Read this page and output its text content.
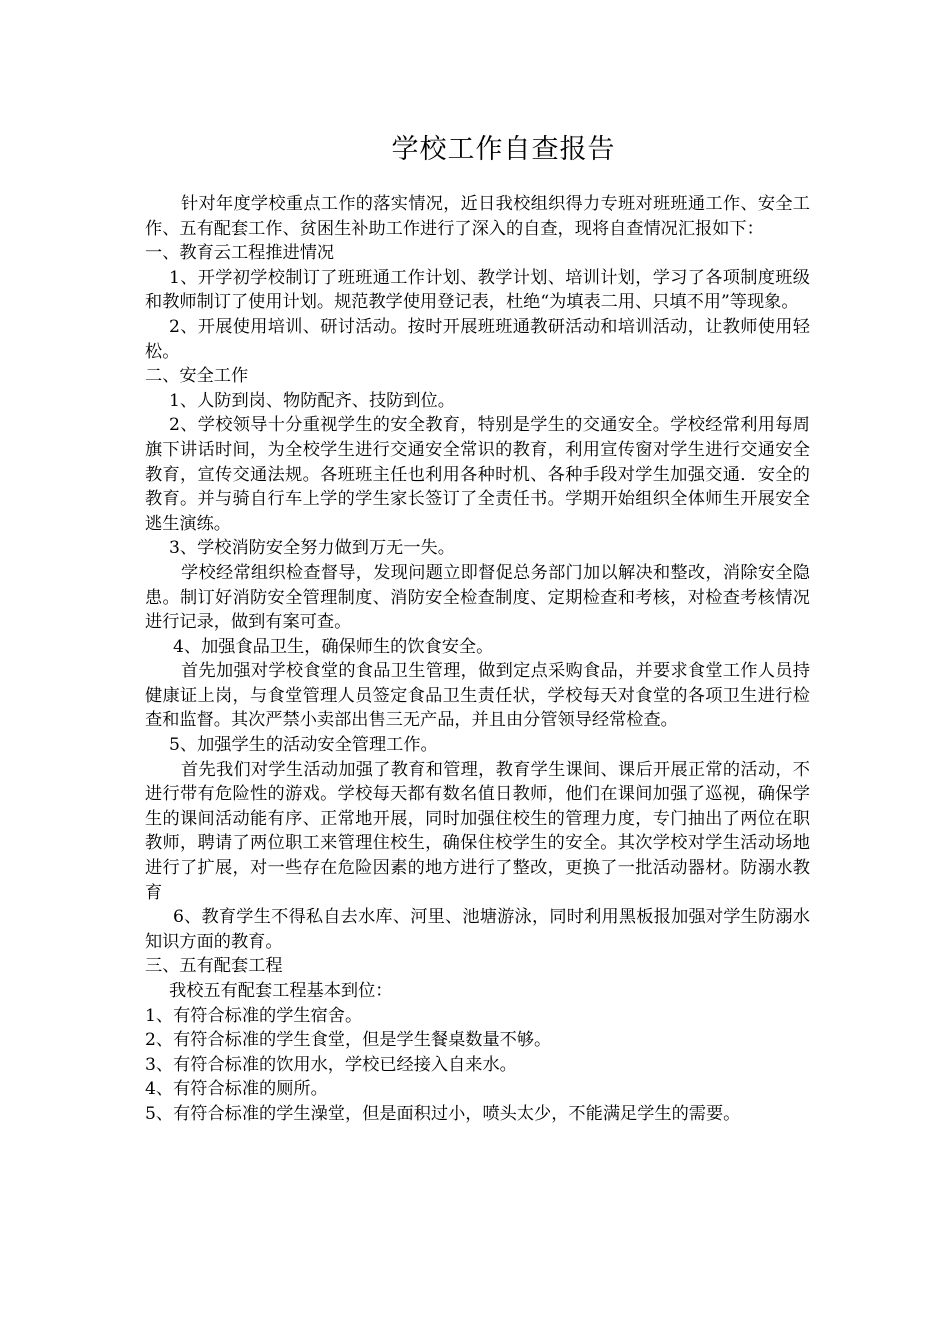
学校工作自查报告

针对年度学校重点工作的落实情况，近日我校组织得力专班对班班通工作、安全工作、五有配套工作、贫困生补助工作进行了深入的自查，现将自查情况汇报如下：

一、教育云工程推进情况

1、开学初学校制订了班班通工作计划、教学计划、培训计划，学习了各项制度班级和教师制订了使用计划。规范教学使用登记表，杜绝“为填表二用、只填不用”等现象。

2、开展使用培训、研讨活动。按时开展班班通教研活动和培训活动，让教师使用轻松。

二、安全工作

1、人防到岗、物防配齐、技防到位。

2、学校领导十分重视学生的安全教育，特别是学生的交通安全。学校经常利用每周旗下讲话时间，为全校学生进行交通安全常识的教育，利用宣传窗对学生进行交通安全教育，宣传交通法规。各班班主任也利用各种时机、各种手段对学生加强交通．安全的教育。并与骑自行车上学的学生家长签订了全责任书。学期开始组织全体师生开展安全逃生演练。

3、学校消防安全努力做到万无一失。

学校经常组织检查督导，发现问题立即督促总务部门加以解决和整改，消除安全隐患。制订好消防安全管理制度、消防安全检查制度、定期检查和考核，对检查考核情况进行记录，做到有案可查。

4、加强食品卫生，确保师生的饮食安全。

首先加强对学校食堂的食品卫生管理，做到定点采购食品，并要求食堂工作人员持健康证上岗，与食堂管理人员签定食品卫生责任状，学校每天对食堂的各项卫生进行检查和监督。其次严禁小卖部出售三无产品，并且由分管领导经常检查。

5、加强学生的活动安全管理工作。

首先我们对学生活动加强了教育和管理，教育学生课间、课后开展正常的活动，不进行带有危险性的游戏。学校每天都有数名值日教师，他们在课间加强了巡视，确保学生的课间活动能有序、正常地开展，同时加强住校生的管理力度，专门抽出了两位在职教师，聘请了两位职工来管理住校生，确保住校学生的安全。其次学校对学生活动场地进行了扩展，对一些存在危险因素的地方进行了整改，更换了一批活动器材。防溺水教育

6、教育学生不得私自去水库、河里、池塘游泳，同时利用黑板报加强对学生防溺水知识方面的教育。

三、五有配套工程

我校五有配套工程基本到位：

1、有符合标准的学生宿舍。

2、有符合标准的学生食堂，但是学生餐桌数量不够。

3、有符合标准的饮用水，学校已经接入自来水。

4、有符合标准的厕所。

5、有符合标准的学生澡堂，但是面积过小，喷头太少，不能满足学生的需要。
